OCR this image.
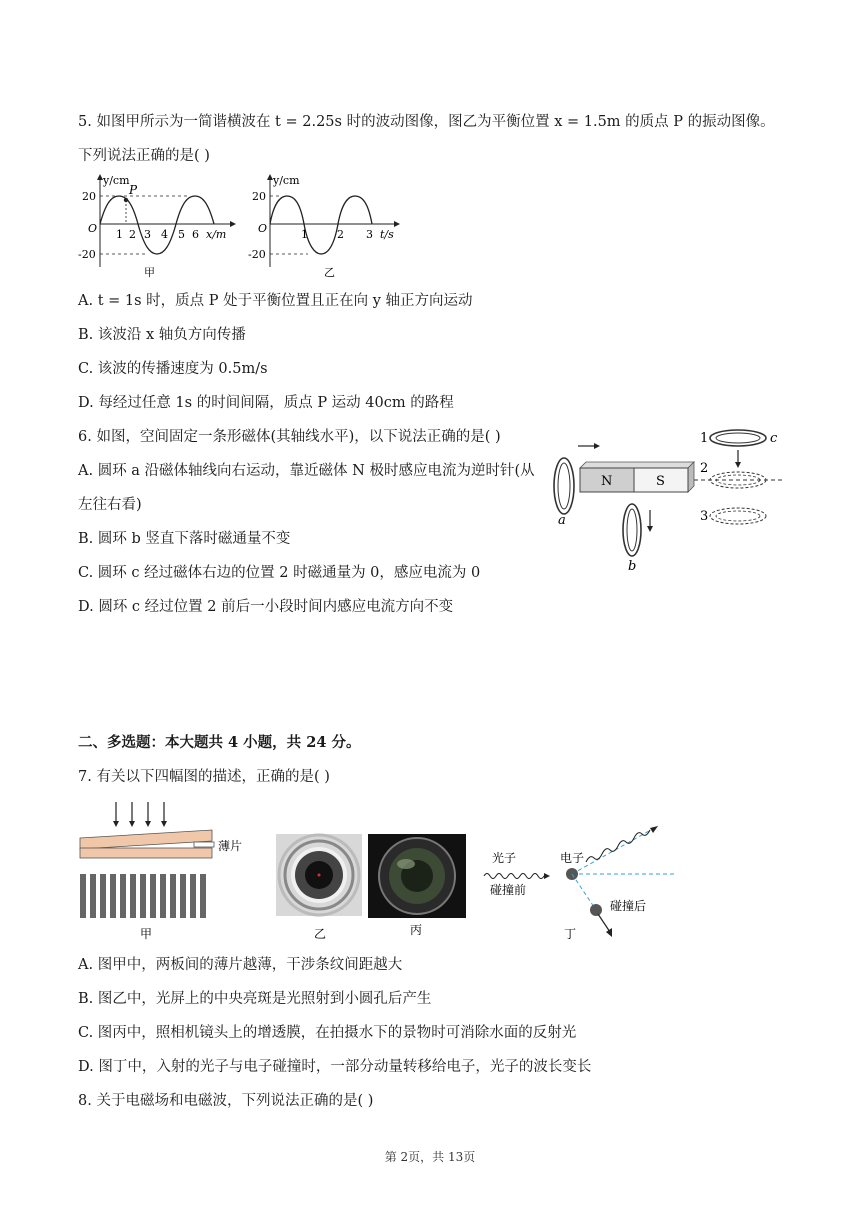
5. 如图甲所示为一简谐横波在 t = 2.25s 时的波动图像，图乙为平衡位置 x = 1.5m 的质点 P 的振动图像。
下列说法正确的是( )
P
y/cm
20
-20
O 1 2 3 4 5 6 x/m
甲
y/cm
20
-20
O	1	2 3 t/s
乙
A. t = 1s 时，质点 P 处于平衡位置且正在向 y 轴正方向运动
B. 该波沿 x 轴负方向传播
C. 该波的传播速度为 0.5m/s
D. 每经过任意 1s 的时间间隔，质点 P 运动 40cm 的路程
6. 如图，空间固定一条形磁体(其轴线水平)，以下说法正确的是( )
A. 圆环 a 沿磁体轴线向右运动，靠近磁体 N 极时感应电流为逆时针(从
左往右看)
B. 圆环 b 竖直下落时磁通量不变
C. 圆环 c 经过磁体右边的位置 2 时磁通量为 0，感应电流为 0
D. 圆环 c 经过位置 2 前后一小段时间内感应电流方向不变
a
N	S
b
1	c
2
3
二、多选题：本大题共 4 小题，共 24 分。
7. 有关以下四幅图的描述，正确的是( )
薄片
甲	乙	丙
光子
碰撞前
电子
碰撞后
丁
A. 图甲中，两板间的薄片越薄，干涉条纹间距越大
B. 图乙中，光屏上的中央亮斑是光照射到小圆孔后产生
C. 图丙中，照相机镜头上的增透膜，在拍摄水下的景物时可消除水面的反射光
D. 图丁中，入射的光子与电子碰撞时，一部分动量转移给电子，光子的波长变长
8. 关于电磁场和电磁波，下列说法正确的是( )
第 2页，共 13页
